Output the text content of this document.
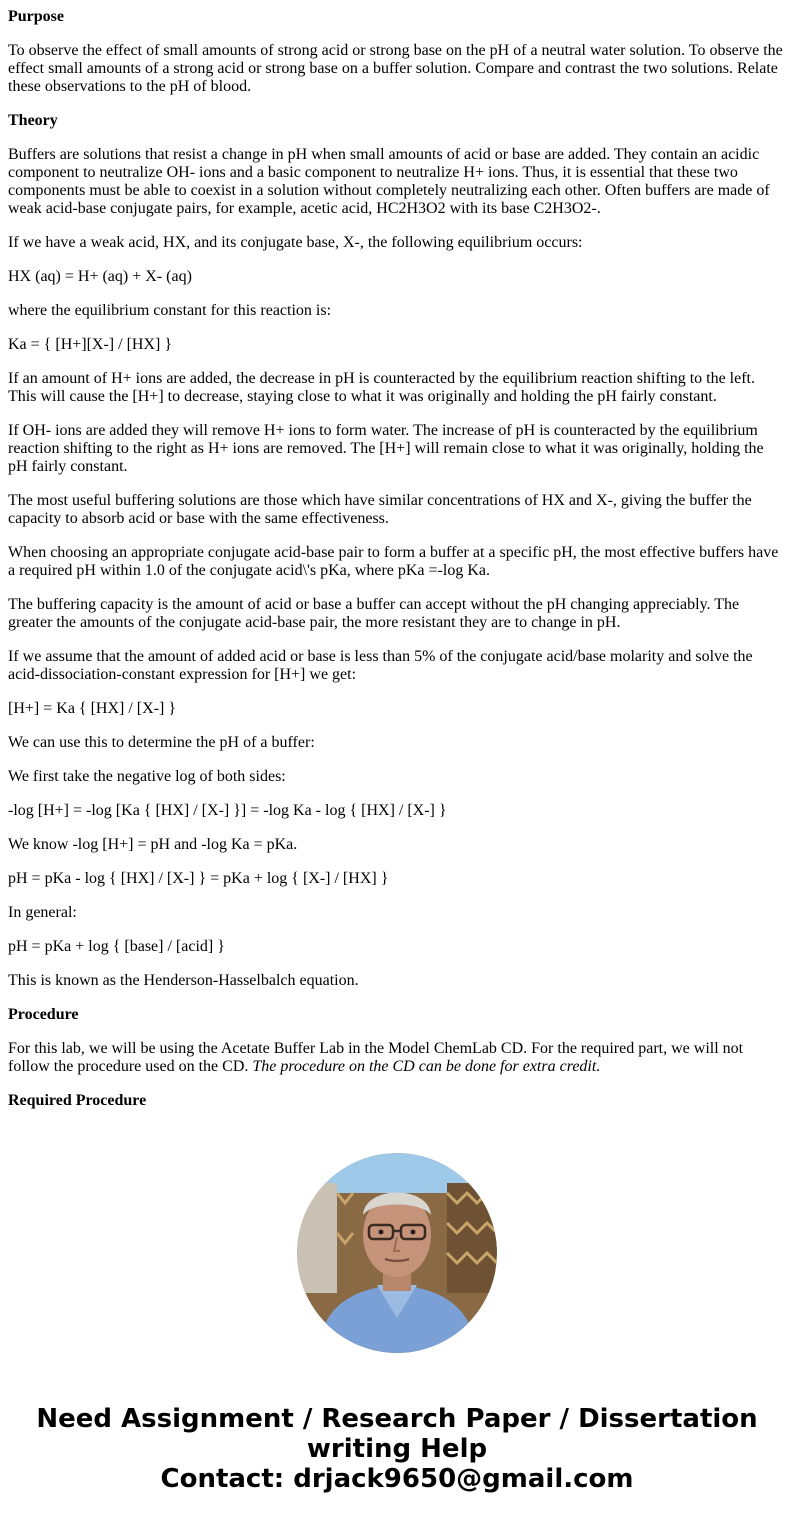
Purpose

To observe the effect of small amounts of strong acid or strong base on the pH of a neutral water solution. To observe the effect small amounts of a strong acid or strong base on a buffer solution. Compare and contrast the two solutions. Relate these observations to the pH of blood.

Theory

Buffers are solutions that resist a change in pH when small amounts of acid or base are added. They contain an acidic component to neutralize OH- ions and a basic component to neutralize H+ ions. Thus, it is essential that these two components must be able to coexist in a solution without completely neutralizing each other. Often buffers are made of weak acid-base conjugate pairs, for example, acetic acid, HC2H3O2 with its base C2H3O2-.

If we have a weak acid, HX, and its conjugate base, X-, the following equilibrium occurs:

HX (aq) = H+ (aq) + X- (aq)

where the equilibrium constant for this reaction is:

Ka = { [H+][X-] / [HX] }

If an amount of H+ ions are added, the decrease in pH is counteracted by the equilibrium reaction shifting to the left. This will cause the [H+] to decrease, staying close to what it was originally and holding the pH fairly constant.

If OH- ions are added they will remove H+ ions to form water. The increase of pH is counteracted by the equilibrium reaction shifting to the right as H+ ions are removed. The [H+] will remain close to what it was originally, holding the pH fairly constant.

The most useful buffering solutions are those which have similar concentrations of HX and X-, giving the buffer the capacity to absorb acid or base with the same effectiveness.

When choosing an appropriate conjugate acid-base pair to form a buffer at a specific pH, the most effective buffers have a required pH within 1.0 of the conjugate acid\'s pKa, where pKa =-log Ka.

The buffering capacity is the amount of acid or base a buffer can accept without the pH changing appreciably. The greater the amounts of the conjugate acid-base pair, the more resistant they are to change in pH.

If we assume that the amount of added acid or base is less than 5% of the conjugate acid/base molarity and solve the acid-dissociation-constant expression for [H+] we get:

[H+] = Ka { [HX] / [X-] }

We can use this to determine the pH of a buffer:

We first take the negative log of both sides:

-log [H+] = -log [Ka { [HX] / [X-] }] = -log Ka - log { [HX] / [X-] }

We know -log [H+] = pH and -log Ka = pKa.

pH = pKa - log { [HX] / [X-] } = pKa + log { [X-] / [HX] }

In general:

pH = pKa + log { [base] / [acid] }

This is known as the Henderson-Hasselbalch equation.

Procedure

For this lab, we will be using the Acetate Buffer Lab in the Model ChemLab CD. For the required part, we will not follow the procedure used on the CD. The procedure on the CD can be done for extra credit.

Required Procedure

Need Assignment / Research Paper / Dissertation
writing Help
Contact: drjack9650@gmail.com
